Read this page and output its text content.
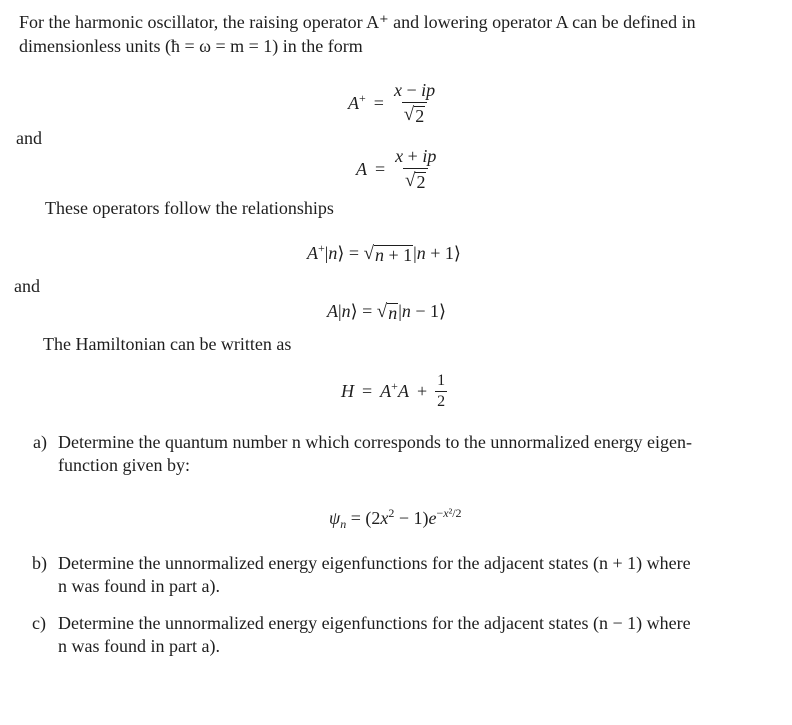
For the harmonic oscillator, the raising operator A⁺ and lowering operator A can be defined in
dimensionless units (ħ = ω = m = 1) in the form
$A^+ = \frac{x - ip}{√ 2}$
and
$A = \frac{x + ip}{√ 2}$
These operators follow the relationships
A+|n⟩ = √ n + 1 |n + 1⟩
and
A|n⟩ = √ n |n − 1⟩
The Hamiltonian can be written as
$H = A^+A + \frac{1}{2}$
a) Determine the quantum number n which corresponds to the unnormalized energy eigen-
function given by:
$\psi_n = (2x^2 - 1)e^{-x^2/2}$
b) Determine the unnormalized energy eigenfunctions for the adjacent states (n + 1) where
n was found in part a).
c) Determine the unnormalized energy eigenfunctions for the adjacent states (n − 1) where
n was found in part a).
